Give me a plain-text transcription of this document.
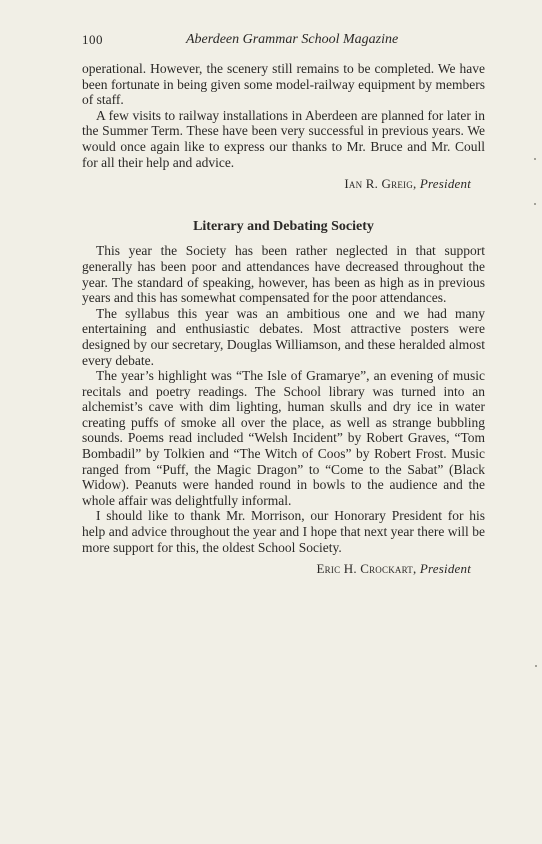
100	Aberdeen Grammar School Magazine

operational. However, the scenery still remains to be completed. We have been fortunate in being given some model-railway equipment by members of staff.

A few visits to railway installations in Aberdeen are planned for later in the Summer Term. These have been very successful in previous years. We would once again like to express our thanks to Mr. Bruce and Mr. Coull for all their help and advice.

Ian R. Greig, President
Literary and Debating Society

This year the Society has been rather neglected in that support generally has been poor and attendances have decreased throughout the year. The standard of speaking, however, has been as high as in previous years and this has somewhat compensated for the poor attendances.

The syllabus this year was an ambitious one and we had many entertaining and enthusiastic debates. Most attractive posters were designed by our secretary, Douglas Williamson, and these heralded almost every debate.

The year’s highlight was “The Isle of Gramarye”, an evening of music recitals and poetry readings. The School library was turned into an alchemist’s cave with dim lighting, human skulls and dry ice in water creating puffs of smoke all over the place, as well as strange bubbling sounds. Poems read included “Welsh Incident” by Robert Graves, “Tom Bombadil” by Tolkien and “The Witch of Coos” by Robert Frost. Music ranged from “Puff, the Magic Dragon” to “Come to the Sabat” (Black Widow). Peanuts were handed round in bowls to the audience and the whole affair was delightfully informal.

I should like to thank Mr. Morrison, our Honorary President for his help and advice throughout the year and I hope that next year there will be more support for this, the oldest School Society.

Eric H. Crockart, President
